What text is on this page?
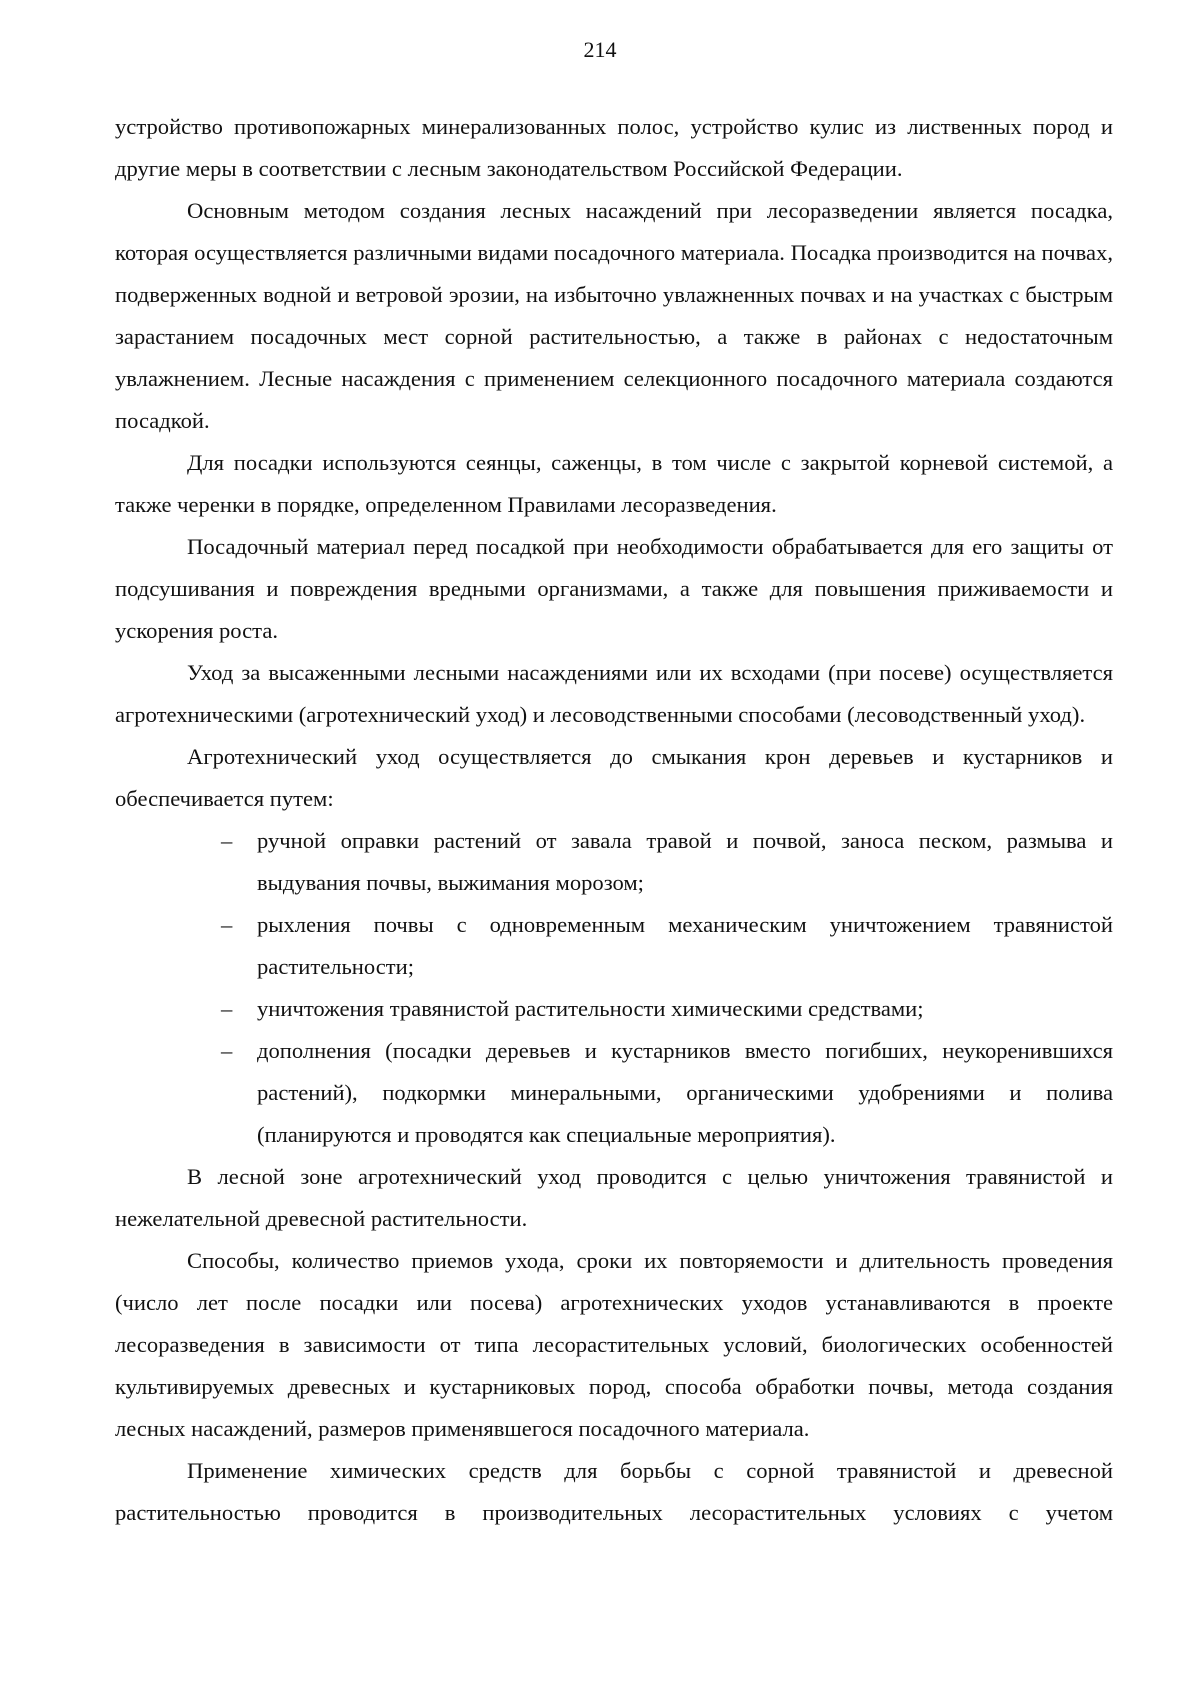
214

устройство противопожарных минерализованных полос, устройство кулис из лиственных пород и другие меры в соответствии с лесным законодательством Российской Федерации.

Основным методом создания лесных насаждений при лесоразведении является посадка, которая осуществляется различными видами посадочного материала. Посадка производится на почвах, подверженных водной и ветровой эрозии, на избыточно увлажненных почвах и на участках с быстрым зарастанием посадочных мест сорной растительностью, а также в районах с недостаточным увлажнением. Лесные насаждения с применением селекционного посадочного материала создаются посадкой.

Для посадки используются сеянцы, саженцы, в том числе с закрытой корневой системой, а также черенки в порядке, определенном Правилами лесоразведения.

Посадочный материал перед посадкой при необходимости обрабатывается для его защиты от подсушивания и повреждения вредными организмами, а также для повышения приживаемости и ускорения роста.

Уход за высаженными лесными насаждениями или их всходами (при посеве) осуществляется агротехническими (агротехнический уход) и лесоводственными способами (лесоводственный уход).

Агротехнический уход осуществляется до смыкания крон деревьев и кустарников и обеспечивается путем:

– ручной оправки растений от завала травой и почвой, заноса песком, размыва и выдувания почвы, выжимания морозом;
– рыхления почвы с одновременным механическим уничтожением травянистой растительности;
– уничтожения травянистой растительности химическими средствами;
– дополнения (посадки деревьев и кустарников вместо погибших, неукоренившихся растений), подкормки минеральными, органическими удобрениями и полива (планируются и проводятся как специальные мероприятия).

В лесной зоне агротехнический уход проводится с целью уничтожения травянистой и нежелательной древесной растительности.

Способы, количество приемов ухода, сроки их повторяемости и длительность проведения (число лет после посадки или посева) агротехнических уходов устанавливаются в проекте лесоразведения в зависимости от типа лесорастительных условий, биологических особенностей культивируемых древесных и кустарниковых пород, способа обработки почвы, метода создания лесных насаждений, размеров применявшегося посадочного материала.

Применение химических средств для борьбы с сорной травянистой и древесной растительностью проводится в производительных лесорастительных условиях с учетом
